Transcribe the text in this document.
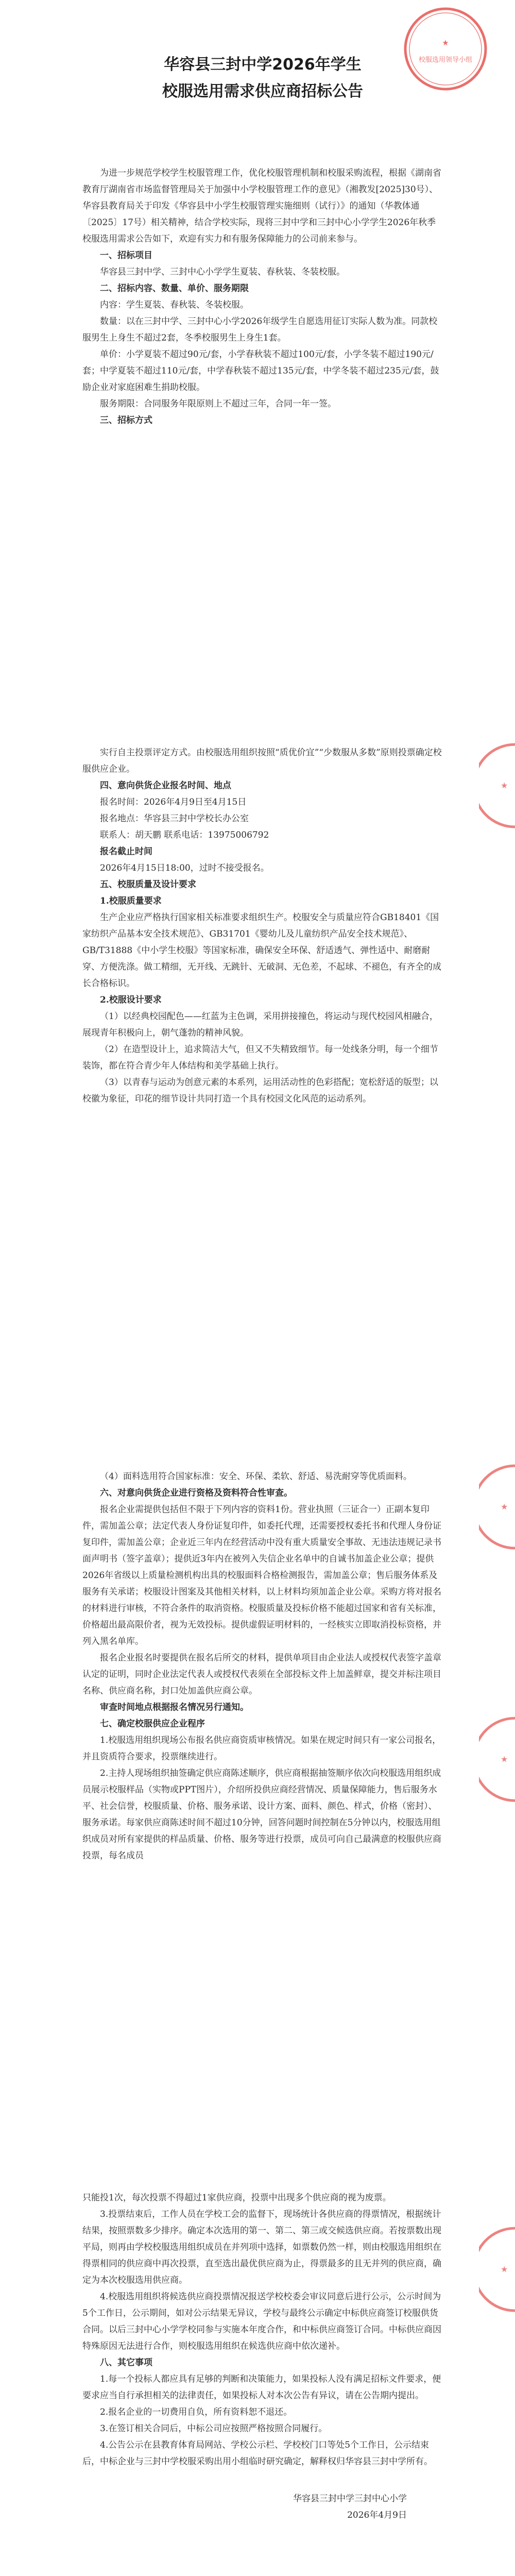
★
校服选用领导小组
华容县三封中学2026年学生
校服选用需求供应商招标公告

为进一步规范学校学生校服管理工作，优化校服管理机制和校服采购流程，根据《湖南省教育厅湖南省市场监督管理局关于加强中小学校服管理工作的意见》（湘教发[2025]30号）、华容县教育局关于印发《华容县中小学生校服管理实施细则（试行）》的通知（华教体通〔2025〕17号）相关精神，结合学校实际，现将三封中学和三封中心小学学生2026年秋季校服选用需求公告如下，欢迎有实力和有服务保障能力的公司前来参与。

一、招标项目

华容县三封中学、三封中心小学学生夏装、春秋装、冬装校服。

二、招标内容、数量、单价、服务期限

内容：学生夏装、春秋装、冬装校服。

数量：以在三封中学、三封中心小学2026年级学生自愿选用征订实际人数为准。同款校服男生上身生不超过2套，冬季校服男生上身生1套。

单价：小学夏装不超过90元/套，小学春秋装不超过100元/套，小学冬装不超过190元/套；中学夏装不超过110元/套，中学春秋装不超过135元/套，中学冬装不超过235元/套，鼓励企业对家庭困难生捐助校服。

服务期限：合同服务年限原则上不超过三年，合同一年一签。

三、招标方式

★

实行自主投票评定方式。由校服选用组织按照“质优价宜”“少数服从多数”原则投票确定校服供应企业。

四、意向供货企业报名时间、地点

报名时间：2026年4月9日至4月15日

报名地点：华容县三封中学校长办公室

联系人：胡天鹏 联系电话：13975006792

报名截止时间

2026年4月15日18:00，过时不接受报名。

五、校服质量及设计要求

1.校服质量要求

生产企业应严格执行国家相关标准要求组织生产。校服安全与质量应符合GB18401《国家纺织产品基本安全技术规范》、GB31701《婴幼儿及儿童纺织产品安全技术规范》、GB/T31888《中小学生校服》等国家标准，确保安全环保、舒适透气、弹性适中、耐磨耐穿、方便洗涤。做工精细，无开线、无跳针、无破洞、无色差，不起球、不褪色，有齐全的成长合格标识。

2.校服设计要求

（1）以经典校园配色——红蓝为主色调，采用拼接撞色，将运动与现代校园风相融合，展现青年积极向上，朝气蓬勃的精神风貌。

（2）在造型设计上，追求简洁大气，但又不失精致细节。每一处线条分明，每一个细节装饰，都在符合青少年人体结构和美学基础上执行。

（3）以青春与运动为创意元素的本系列，运用活动性的色彩搭配；宽松舒适的版型；以校徽为象征，印花的细节设计共同打造一个具有校园文化风范的运动系列。

★
★

（4）面料选用符合国家标准：安全、环保、柔软、舒适、易洗耐穿等优质面料。

六、对意向供货企业进行资格及资料符合性审查。

报名企业需提供包括但不限于下列内容的资料1份。营业执照（三证合一）正副本复印件，需加盖公章；法定代表人身份证复印件，如委托代理，还需要授权委托书和代理人身份证复印件，需加盖公章；企业近三年内在经营活动中没有重大质量安全事故、无违法违规记录书面声明书（签字盖章）；提供近3年内在被列入失信企业名单中的自诚书加盖企业公章；提供2026年省级以上质量检测机构出具的校服面料合格检测报告，需加盖公章；售后服务体系及服务有关承诺；校服设计图案及其他相关材料，以上材料均须加盖企业公章。采购方将对报名的材料进行审核，不符合条件的取消资格。校服质量及投标价格不能超过国家和省有关标准，价格超出最高限价者，视为无效投标。提供虚假证明材料的，一经核实立即取消投标资格，并列入黑名单库。

报名企业报名时要提供在报名后所交的材料，提供单项目由企业法人或授权代表签字盖章认定的证明，同时企业法定代表人或授权代表须在全部投标文件上加盖鲜章，提交并标注项目名称、供应商名称，封口处加盖供应商公章。

审查时间地点根据报名情况另行通知。

七、确定校服供应企业程序

1.校服选用组织现场公布报名供应商资质审核情况。如果在规定时间只有一家公司报名，并且资质符合要求，投票继续进行。

2.主持人现场组织抽签确定供应商陈述顺序，供应商根据抽签顺序依次向校服选用组织成员展示校服样品（实物或PPT图片），介绍所投供应商经营情况、质量保障能力，售后服务水平、社会信誉，校服质量、价格、服务承诺、设计方案、面料、颜色、样式，价格（密封）、服务承诺。每家供应商陈述时间不超过10分钟，回答问题时间控制在5分钟以内，校服选用组织成员对所有家提供的样品质量、价格、服务等进行投票，成员可向自己最满意的校服供应商投票，每名成员

★

只能投1次，每次投票不得超过1家供应商，投票中出现多个供应商的视为废票。

3.投票结束后，工作人员在学校工会的监督下，现场统计各供应商的得票情况，根据统计结果，按照票数多少排序。确定本次选用的第一、第二、第三或交候选供应商。若按票数出现平局，则再由学校校服选用组织成员在并列项中选择，如票数仍然一样，则由校服选用组织在得票相同的供应商中再次投票，直至选出最优供应商为止，得票最多的且无并列的供应商，确定为本次校服选用供应商。

4.校服选用组织将候选供应商投票情况报送学校校委会审议同意后进行公示，公示时间为5个工作日，公示期间，如对公示结果无异议，学校与最终公示确定中标供应商签订校服供货合同。以后三封中心小学学校同参与实施本年度合作，和中标供应商签订合同。中标供应商因特殊原因无法进行合作，则校服选用组织在候选供应商中依次递补。

八、其它事项

1.每一个投标人都应具有足够的判断和决策能力，如果投标人没有满足招标文件要求，便要求应当自行承担相关的法律责任，如果投标人对本次公告有异议，请在公告期内提出。

2.报名企业的一切费用自负，所有资料恕不退还。

3.在签订相关合同后，中标公司应按照严格按照合同履行。

4.公告公示在县教育体育局网站、学校公示栏、学校校门口等处5个工作日，公示结束后，中标企业与三封中学校服采购出用小组临时研究确定，解释权归华容县三封中学所有。

华容县三封中学三封中心小学

2026年4月9日
